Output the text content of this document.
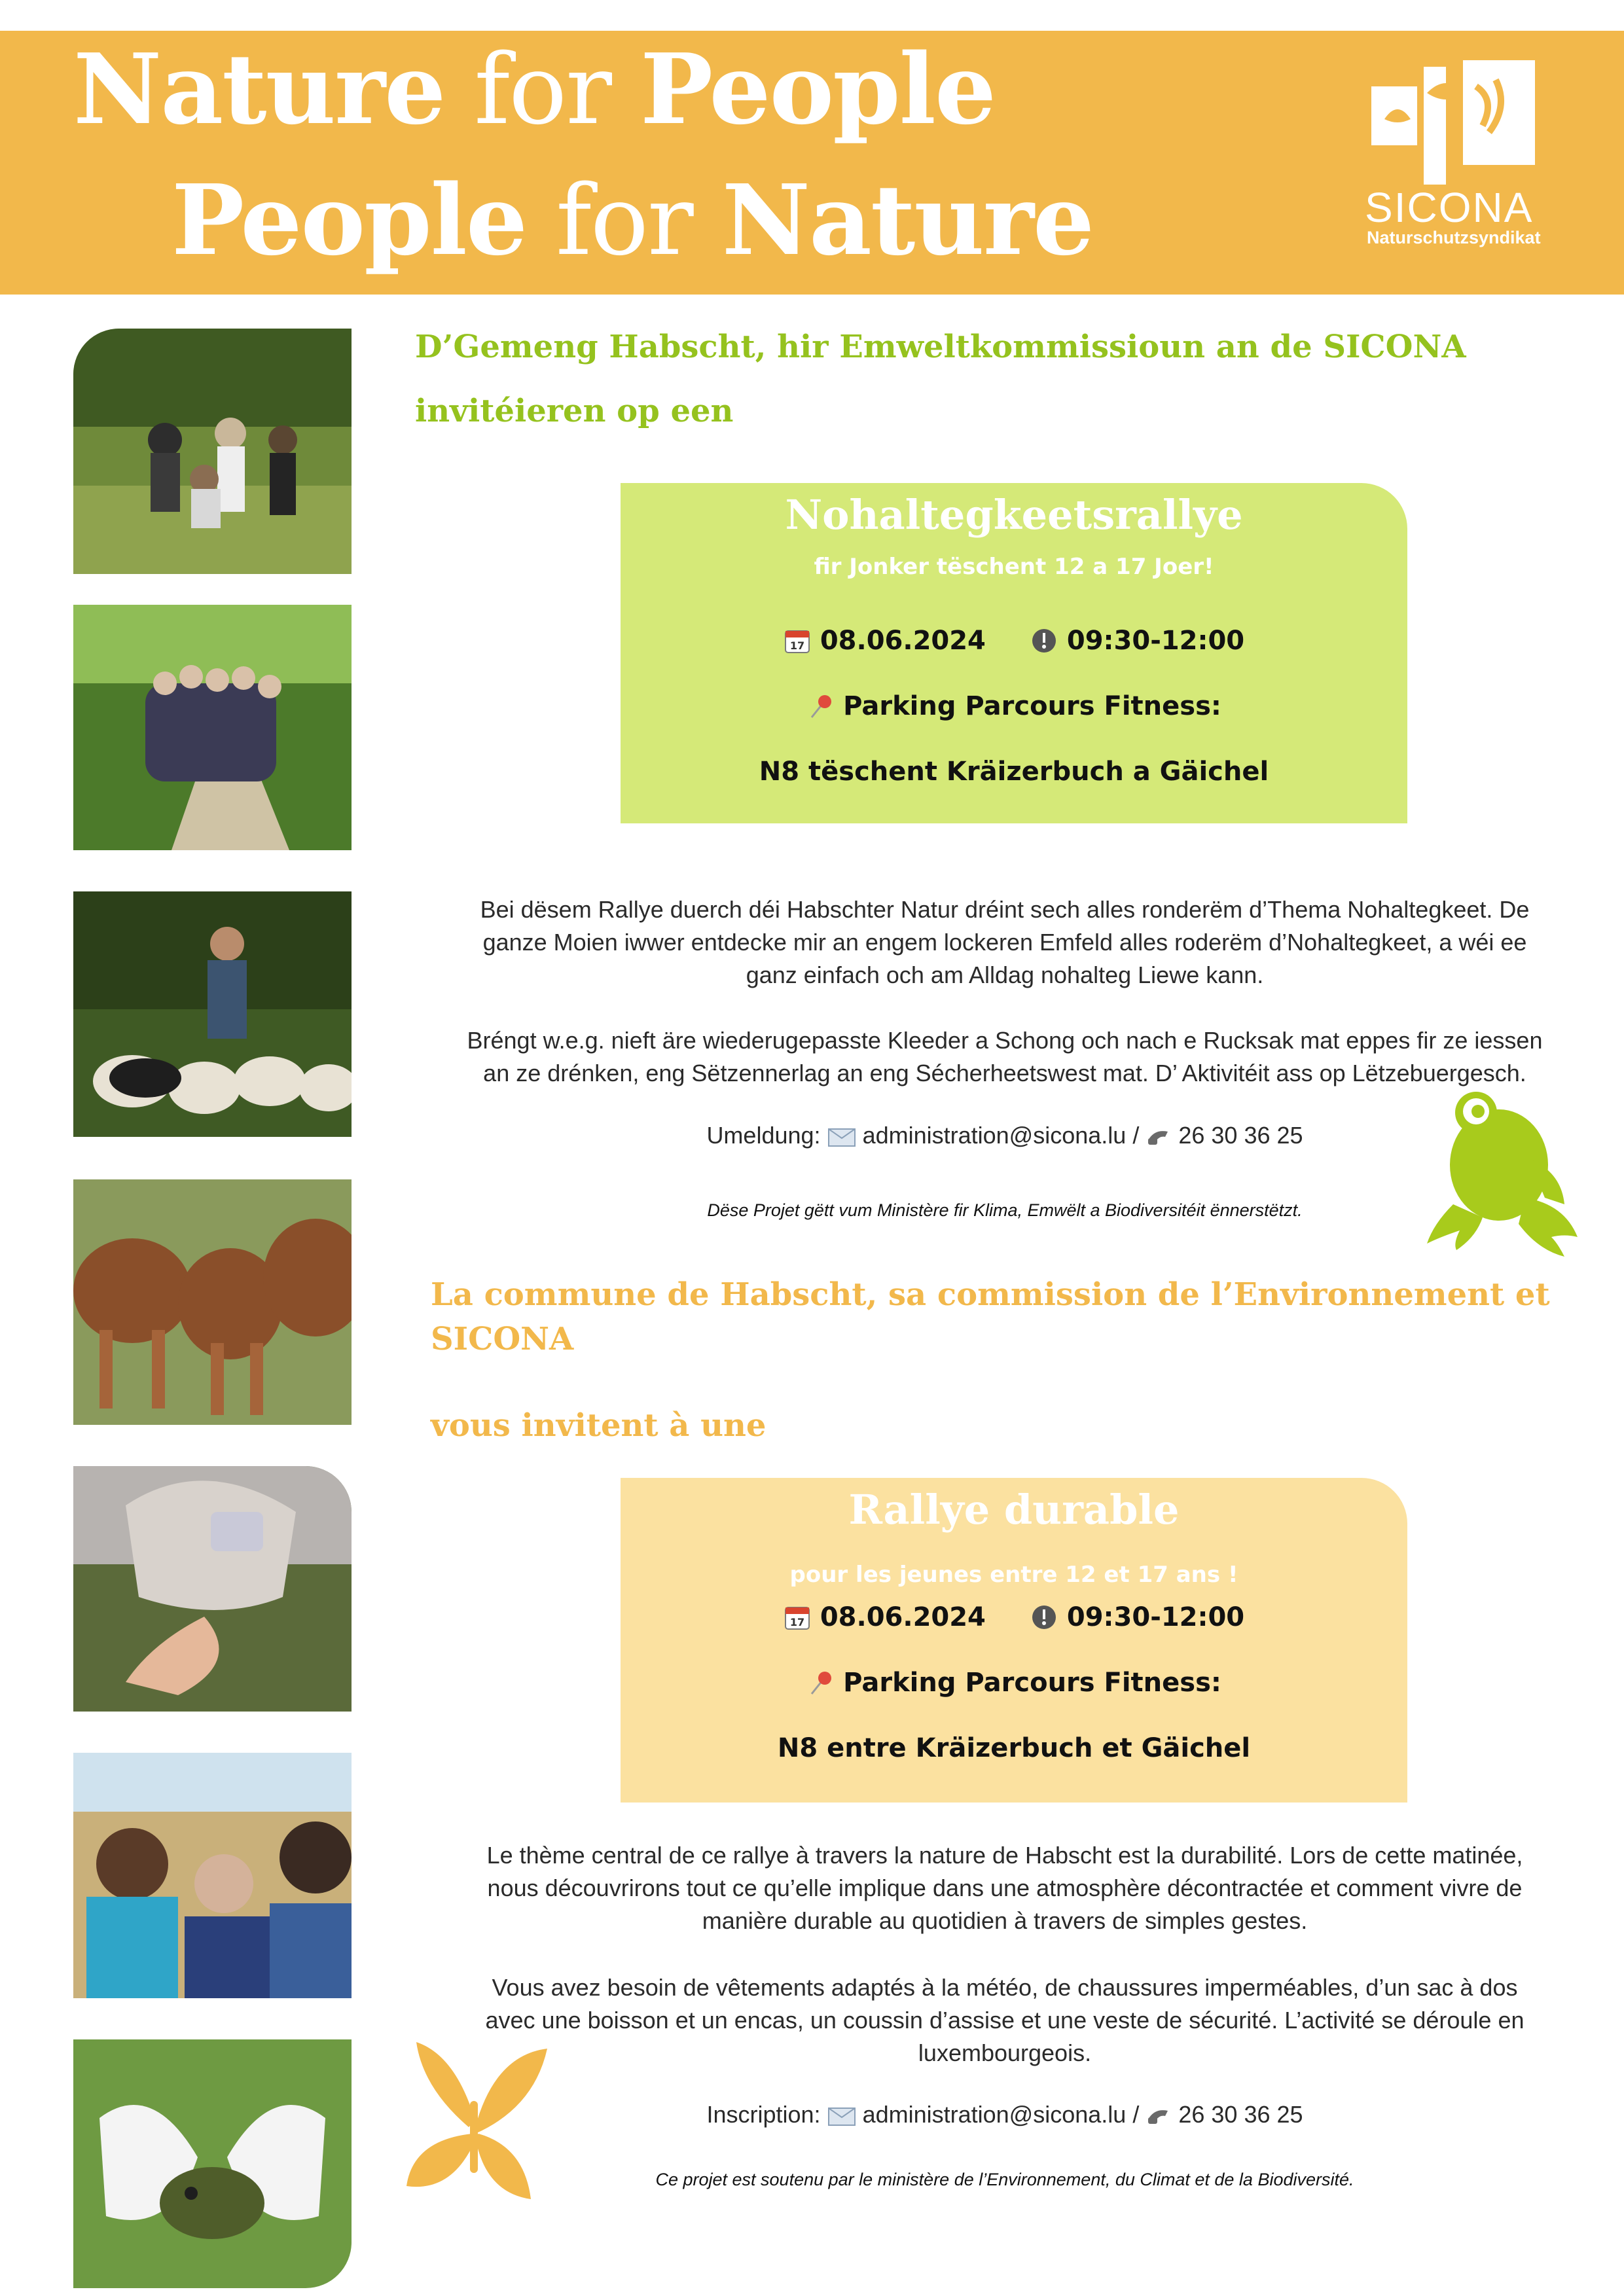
Nature for People
People for Nature	SICONA
Naturschutzsyndikat
D’Gemeng Habscht, hir Emweltkommissioun an de SICONA
invitéieren op een
Nohaltegkeetsrallye
fir Jonker tëschent 12 a 17 Joer!
17 08.06.2024	09:30-12:00
Parking Parcours Fitness:
N8 tëschent Kräizerbuch a Gäichel
Bei dësem Rallye duerch déi Habschter Natur dréint sech alles ronderëm d’Thema Nohaltegkeet. De
ganze Moien iwwer entdecke mir an engem lockeren Emfeld alles roderëm d’Nohaltegkeet, a wéi ee
ganz einfach och am Alldag nohalteg Liewe kann.
Bréngt w.e.g. nieft äre wiederugepasste Kleeder a Schong och nach e Rucksak mat eppes fir ze iessen
an ze drénken, eng Sëtzennerlag an eng Sécherheetswest mat. D’ Aktivitéit ass op Lëtzebuergesch.
Umeldung: administration@sicona.lu / 26 30 36 25
Dëse Projet gëtt vum Ministère fir Klima, Emwëlt a Biodiversitéit ënnerstëtzt.
La commune de Habscht, sa commission de l’Environnement et
SICONA
vous invitent à une
Rallye durable
pour les jeunes entre 12 et 17 ans !
17 08.06.2024	09:30-12:00
Parking Parcours Fitness:
N8 entre Kräizerbuch et Gäichel
Le thème central de ce rallye à travers la nature de Habscht est la durabilité. Lors de cette matinée,
nous découvrirons tout ce qu’elle implique dans une atmosphère décontractée et comment vivre de
manière durable au quotidien à travers de simples gestes.
Vous avez besoin de vêtements adaptés à la météo, de chaussures imperméables, d’un sac à dos
avec une boisson et un encas, un coussin d’assise et une veste de sécurité. L’activité se déroule en
luxembourgeois.
Inscription: administration@sicona.lu / 26 30 36 25
Ce projet est soutenu par le ministère de l’Environnement, du Climat et de la Biodiversité.
